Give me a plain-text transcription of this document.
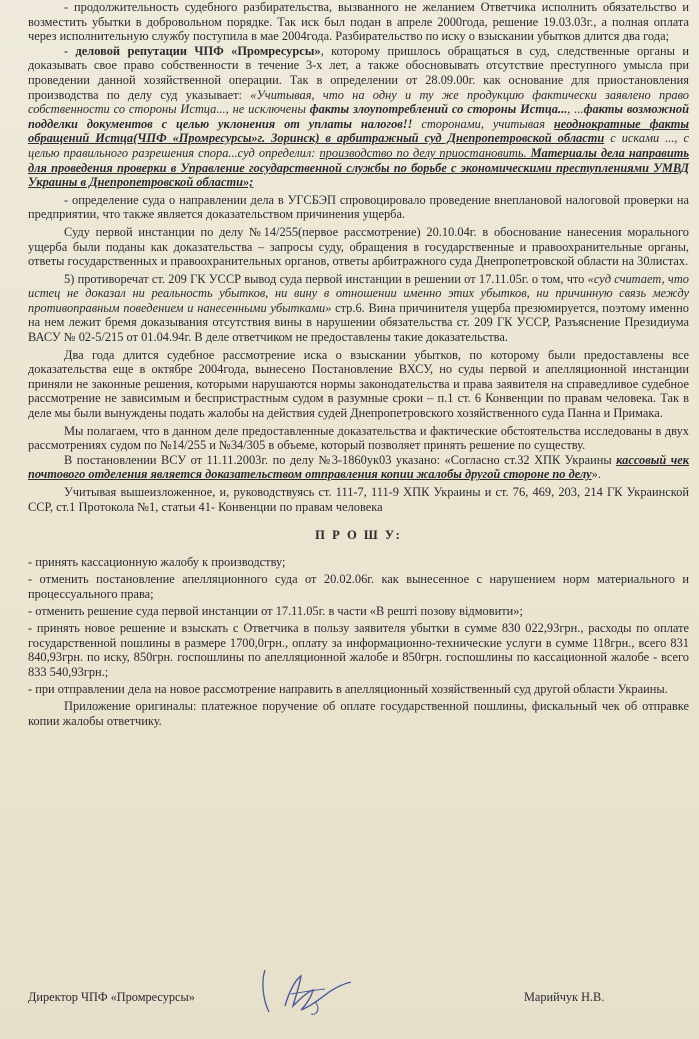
- продолжительность судебного разбирательства, вызванного не желанием Ответчика исполнить обязательство и возместить убытки в добровольном порядке. Так иск был подан в апреле 2000года, решение 19.03.03г., а полная оплата через исполнительную службу поступила в мае 2004года. Разбирательство по иску о взыскании убытков длится два года;

- деловой репутации ЧПФ «Промресурсы», которому пришлось обращаться в суд, следственные органы и доказывать свое право собственности в течение 3-х лет, а также обосновывать отсутствие преступного умысла при проведении данной хозяйственной операции. Так в определении от 28.09.00г. как основание для приостановления производства по делу суд указывает: «Учитывая, что на одну и ту же продукцию фактически заявлено право собственности со стороны Истца..., не исключены факты злоупотреблений со стороны Истца..., ...факты возможной подделки документов с целью уклонения от уплаты налогов!! сторонами, учитывая неоднократные факты обращений Истца(ЧПФ «Промресурсы»г. Зоринск) в арбитражный суд Днепропетровской области с исками ..., с целью правильного разрешения спора...суд определил: производство по делу приостановить. Материалы дела направить для проведения проверки в Управление государственной службы по борьбе с экономическими преступлениями УМВД Украины в Днепропетровской области»;

- определение суда о направлении дела в УГСБЭП спровоцировало проведение внеплановой налоговой проверки на предприятии, что также является доказательством причинения ущерба.

Суду первой инстанции по делу №14/255(первое рассмотрение) 20.10.04г. в обоснование нанесения морального ущерба были поданы как доказательства – запросы суду, обращения в государственные и правоохранительные органы, ответы государственных и правоохранительных органов, ответы арбитражного суда Днепропетровской области на 30листах.

5) противоречат ст. 209 ГК УССР вывод суда первой инстанции в решении от 17.11.05г. о том, что «суд считает, что истец не доказал ни реальность убытков, ни вину в отношении именно этих убытков, ни причинную связь между противоправным поведением и нанесенными убытками» стр.6. Вина причинителя ущерба презюмируется, поэтому именно на нем лежит бремя доказывания отсутствия вины в нарушении обязательства ст. 209 ГК УССР, Разъяснение Президиума ВАСУ № 02-5/215 от 01.04.94г. В деле ответчиком не предоставлены такие доказательства.

Два года длится судебное рассмотрение иска о взыскании убытков, по которому были предоставлены все доказательства еще в октябре 2004года, вынесено Постановление ВХСУ, но суды первой и апелляционной инстанции приняли не законные решения, которыми нарушаются нормы законодательства и права заявителя на справедливое судебное рассмотрение не зависимым и беспристрастным судом в разумные сроки – п.1 ст. 6 Конвенции по правам человека. Так в деле мы были вынуждены подать жалобы на действия судей Днепропетровского хозяйственного суда Панна и Примака.

Мы полагаем, что в данном деле предоставленные доказательства и фактические обстоятельства исследованы в двух рассмотрениях судом по №14/255 и №34/305 в объеме, который позволяет принять решение по существу.

В постановлении ВСУ от 11.11.2003г. по делу №3-1860ук03 указано: «Согласно ст.32 ХПК Украины кассовый чек почтового отделения является доказательством отправления копии жалобы другой стороне по делу».

Учитывая вышеизложенное, и, руководствуясь ст. 111-7, 111-9 ХПК Украины и ст. 76, 469, 203, 214 ГК Украинской ССР, ст.1 Протокола №1, статьи 41- Конвенции по правам человека

П Р О Ш У:

- принять кассационную жалобу к производству;

- отменить постановление апелляционного суда от 20.02.06г. как вынесенное с нарушением норм материального и процессуального права;

- отменить решение суда первой инстанции от 17.11.05г. в части «В решті позову відмовити»;

- принять новое решение и взыскать с Ответчика в пользу заявителя убытки в сумме 830 022,93грн., расходы по оплате государственной пошлины в размере 1700,0грн., оплату за информационно-технические услуги в сумме 118грн., всего 831 840,93грн. по иску, 850грн. госпошлины по апелляционной жалобе и 850грн. госпошлины по кассационной жалобе - всего 833 540,93грн.;

- при отправлении дела на новое рассмотрение направить в апелляционный хозяйственный суд другой области Украины.

Приложение оригиналы: платежное поручение об оплате государственной пошлины, фискальный чек об отправке копии жалобы ответчику.

Директор ЧПФ «Промресурсы»	Марийчук Н.В.
